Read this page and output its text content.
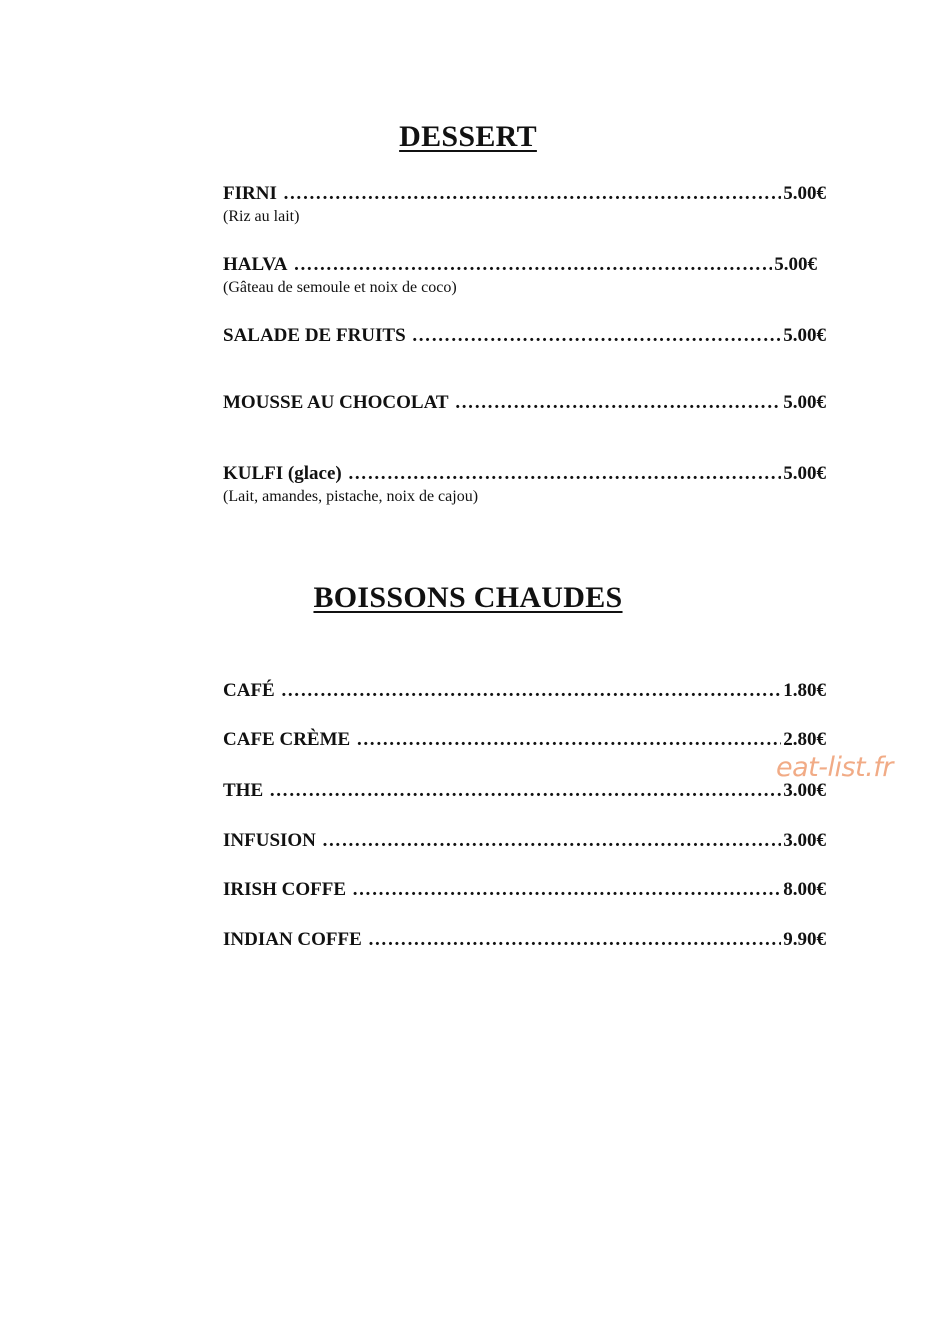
DESSERT
FIRNI ……………………………………………………………………………………………………………………………………	5.00€
(Riz au lait)
HALVA ……………………………………………………………………………………………………………………………………	5.00€
(Gâteau de semoule et noix de coco)
SALADE DE FRUITS ……………………………………………………………………………………………………………………………………	5.00€
MOUSSE AU CHOCOLAT ……………………………………………………………………………………………………………………………………	5.00€
KULFI (glace) ……………………………………………………………………………………………………………………………………	5.00€
(Lait, amandes, pistache, noix de cajou)
BOISSONS CHAUDES
CAFÉ ……………………………………………………………………………………………………………………………………	1.80€
CAFE CRÈME ……………………………………………………………………………………………………………………………………	2.80€
THE ……………………………………………………………………………………………………………………………………	3.00€
INFUSION ……………………………………………………………………………………………………………………………………	3.00€
IRISH COFFE ……………………………………………………………………………………………………………………………………	8.00€
INDIAN COFFE ……………………………………………………………………………………………………………………………………	9.90€
eat-list.fr
